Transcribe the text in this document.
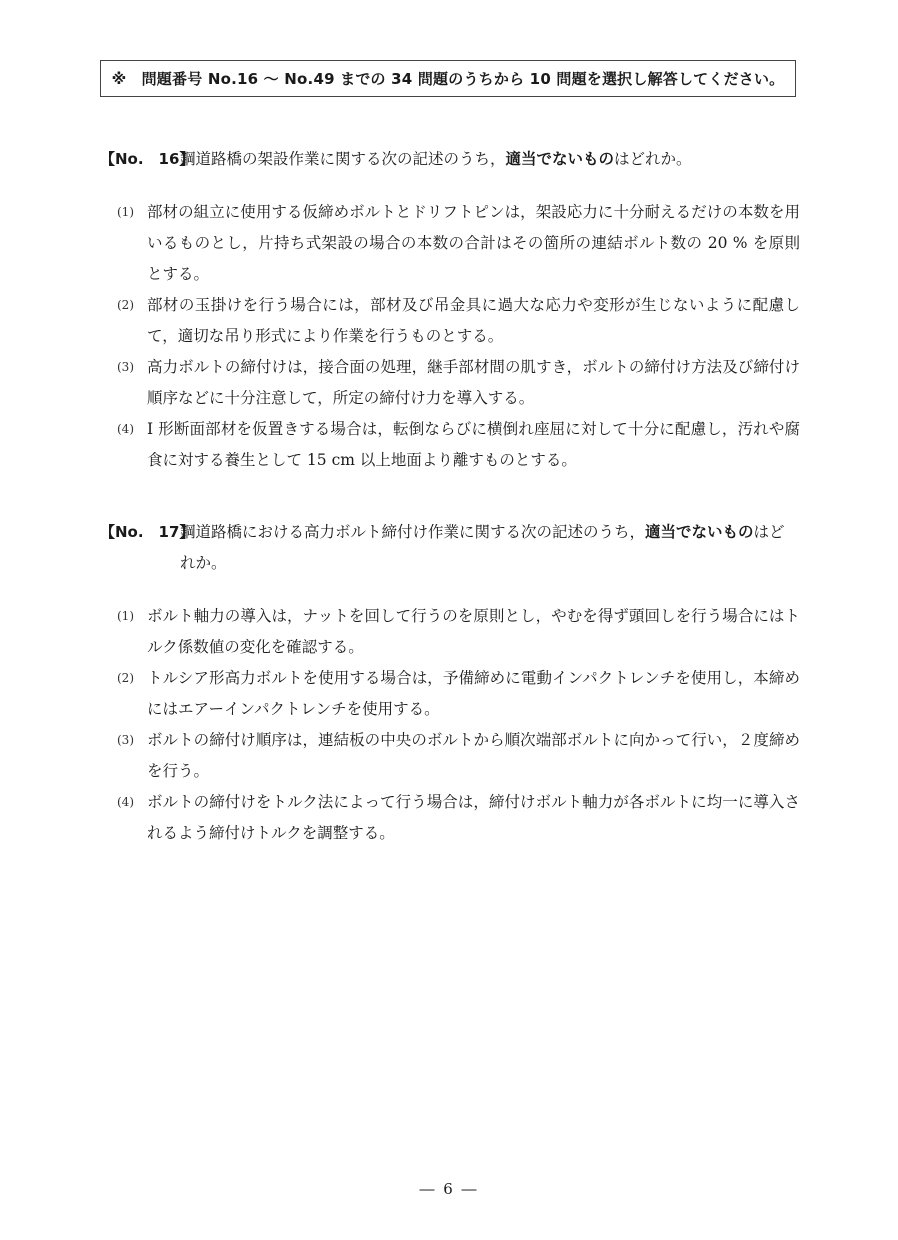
※　問題番号 No.16 ～ No.49 までの 34 問題のうちから 10 問題を選択し解答してください。
【No.　16】
鋼道路橋の架設作業に関する次の記述のうち，適当でないものはどれか。
(1) 部材の組立に使用する仮締めボルトとドリフトピンは，架設応力に十分耐えるだけの本数を用いるものとし，片持ち式架設の場合の本数の合計はその箇所の連結ボルト数の 20 % を原則とする。
(2) 部材の玉掛けを行う場合には，部材及び吊金具に過大な応力や変形が生じないように配慮して，適切な吊り形式により作業を行うものとする。
(3) 高力ボルトの締付けは，接合面の処理，継手部材間の肌すき，ボルトの締付け方法及び締付け順序などに十分注意して，所定の締付け力を導入する。
(4) I 形断面部材を仮置きする場合は，転倒ならびに横倒れ座屈に対して十分に配慮し，汚れや腐食に対する養生として 15 cm 以上地面より離すものとする。
【No.　17】
鋼道路橋における高力ボルト締付け作業に関する次の記述のうち，適当でないものはどれか。
(1) ボルト軸力の導入は，ナットを回して行うのを原則とし，やむを得ず頭回しを行う場合にはトルク係数値の変化を確認する。
(2) トルシア形高力ボルトを使用する場合は，予備締めに電動インパクトレンチを使用し，本締めにはエアーインパクトレンチを使用する。
(3) ボルトの締付け順序は，連結板の中央のボルトから順次端部ボルトに向かって行い，２度締めを行う。
(4) ボルトの締付けをトルク法によって行う場合は，締付けボルト軸力が各ボルトに均一に導入されるよう締付けトルクを調整する。
― 6 ―
